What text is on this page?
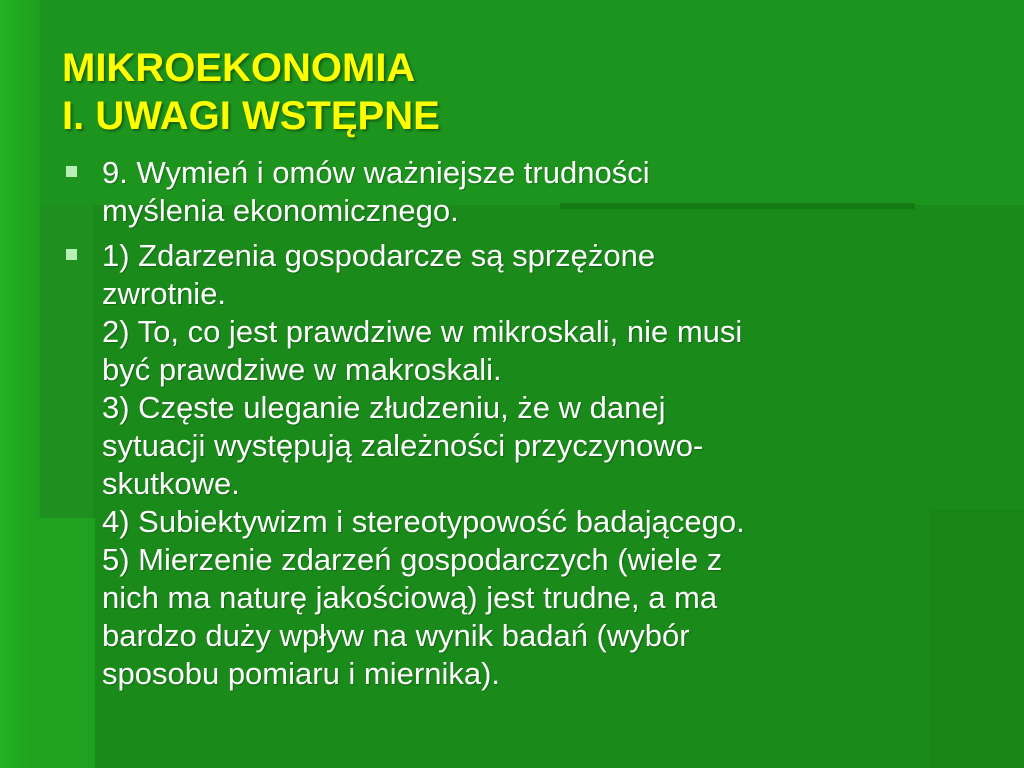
MIKROEKONOMIA
I. UWAGI WSTĘPNE
9. Wymień i omów ważniejsze trudności
myślenia ekonomicznego.
1) Zdarzenia gospodarcze są sprzężone
zwrotnie.
2) To, co jest prawdziwe w mikroskali, nie musi
być prawdziwe w makroskali.
3) Częste uleganie złudzeniu, że w danej
sytuacji występują zależności przyczynowo-
skutkowe.
4) Subiektywizm i stereotypowość badającego.
5) Mierzenie zdarzeń gospodarczych (wiele z
nich ma naturę jakościową) jest trudne, a ma
bardzo duży wpływ na wynik badań (wybór
sposobu pomiaru i miernika).
